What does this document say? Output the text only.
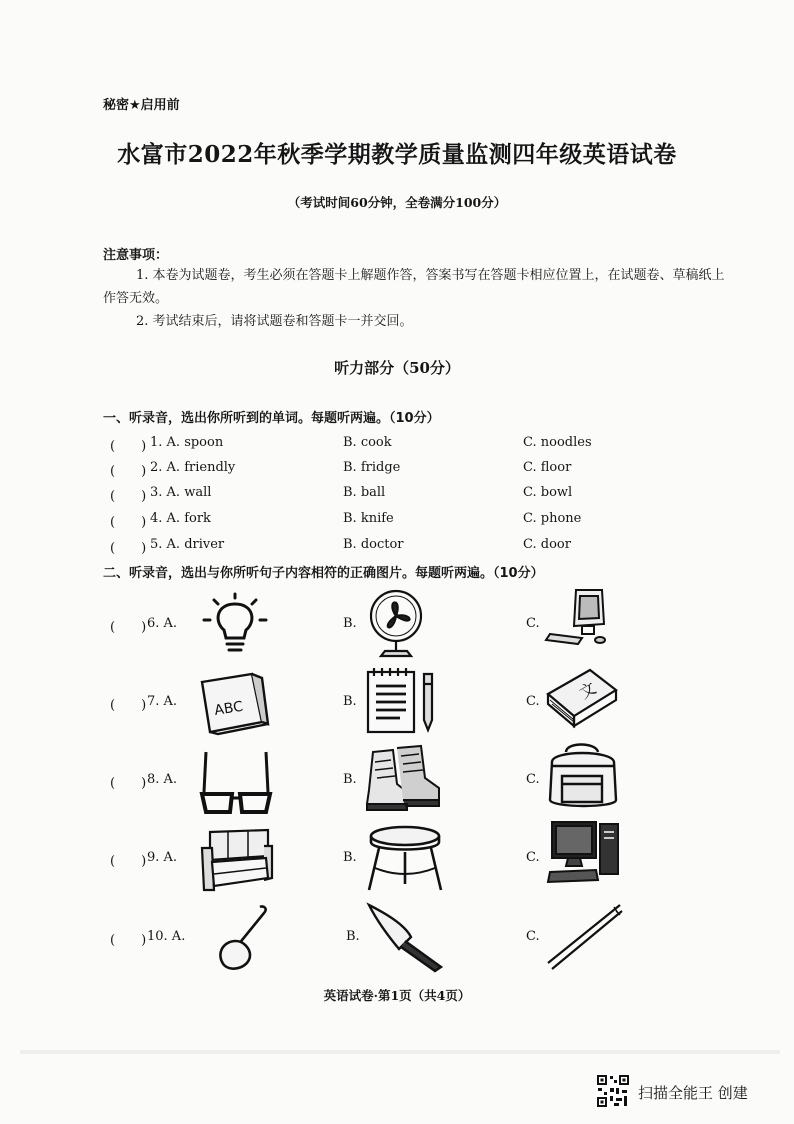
秘密★启用前
水富市2022年秋季学期教学质量监测四年级英语试卷
（考试时间60分钟，全卷满分100分）
注意事项：
1. 本卷为试题卷，考生必须在答题卡上解题作答，答案书写在答题卡相应位置上，在试题卷、草稿纸上作答无效。
2. 考试结束后，请将试题卷和答题卡一并交回。
听力部分（50分）
一、听录音，选出你所听到的单词。每题听两遍。（10分）
(　　) 1. A. spoon	B. cook	C. noodles
(　　) 2. A. friendly	B. fridge	C. floor
(　　) 3. A. wall	B. ball	C. bowl
(　　) 4. A. fork	B. knife	C. phone
(　　) 5. A. driver	B. doctor	C. door
二、听录音，选出与你所听句子内容相符的正确图片。每题听两遍。（10分）
(　　) 6. A.	B.	C.
(　　) 7. A.	B.	C.
ABC
文
(　　) 8. A.	B.	C.
(　　) 9. A.	B.	C.
(　　) 10. A.	B.	C.
英语试卷·第1页（共4页）
扫描全能王 创建
